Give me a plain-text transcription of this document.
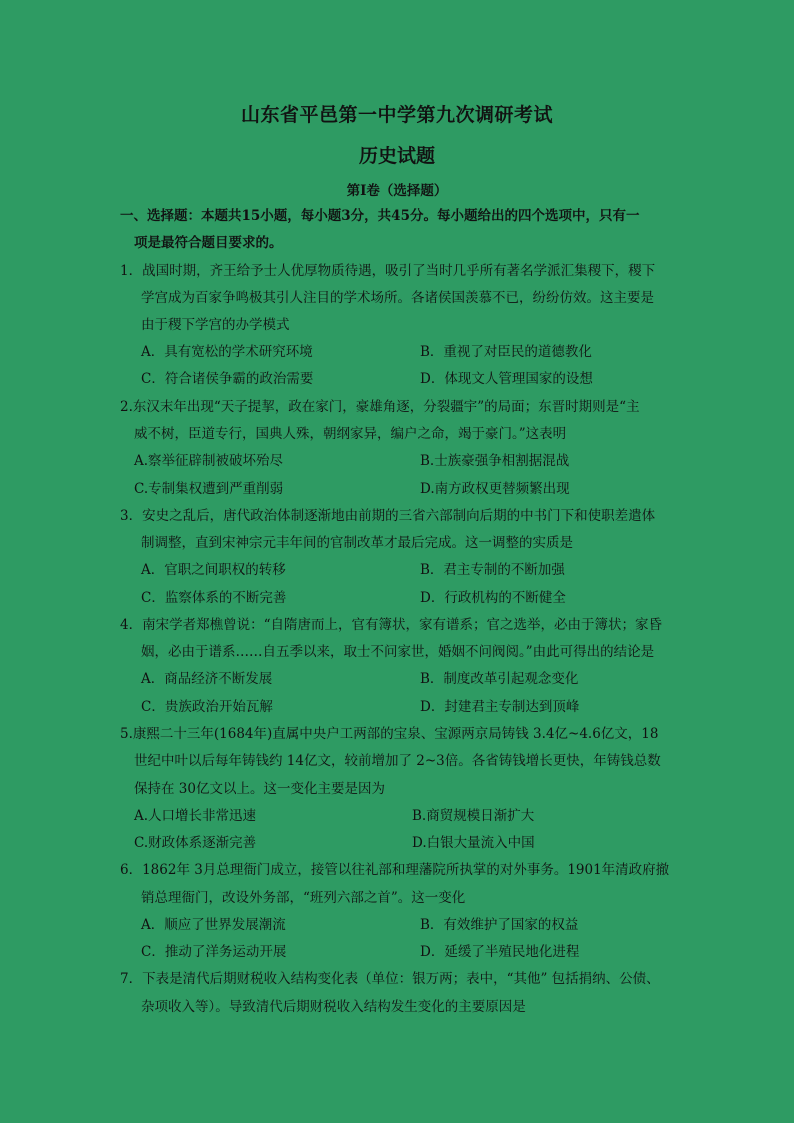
山东省平邑第一中学第九次调研考试
历史试题
第Ⅰ卷（选择题）
一、选择题：本题共15小题，每小题3分，共45分。每小题给出的四个选项中，只有一
项是最符合题目要求的。
1．战国时期，齐王给予士人优厚物质待遇，吸引了当时几乎所有著名学派汇集稷下，稷下
学宫成为百家争鸣极其引人注目的学术场所。各诸侯国羡慕不已，纷纷仿效。这主要是
由于稷下学宫的办学模式
A．具有宽松的学术研究环境	B．重视了对臣民的道德教化
C．符合诸侯争霸的政治需要	D．体现文人管理国家的设想
2.东汉末年出现“天子提挈，政在家门，豪雄角逐，分裂疆宇”的局面；东晋时期则是“主
威不树，臣道专行，国典人殊，朝纲家异，编户之命，竭于豪门。”这表明
A.察举征辟制被破坏殆尽	B.士族豪强争相割据混战
C.专制集权遭到严重削弱	D.南方政权更替频繁出现
3．安史之乱后，唐代政治体制逐渐地由前期的三省六部制向后期的中书门下和使职差遣体
制调整，直到宋神宗元丰年间的官制改革才最后完成。这一调整的实质是
A．官职之间职权的转移	B．君主专制的不断加强
C．监察体系的不断完善	D．行政机构的不断健全
4．南宋学者郑樵曾说：“自隋唐而上，官有簿状，家有谱系；官之选举，必由于簿状；家昏
姻，必由于谱系……自五季以来，取士不问家世，婚姻不问阀阅。”由此可得出的结论是
A．商品经济不断发展	B．制度改革引起观念变化
C．贵族政治开始瓦解	D．封建君主专制达到顶峰
5.康熙二十三年(1684年)直属中央户工两部的宝泉、宝源两京局铸钱 3.4亿~4.6亿文，18
世纪中叶以后每年铸钱约 14亿文，较前增加了 2~3倍。各省铸钱增长更快，年铸钱总数
保持在 30亿文以上。这一变化主要是因为
A.人口增长非常迅速	B.商贸规模日渐扩大
C.财政体系逐渐完善	D.白银大量流入中国
6．1862年 3月总理衙门成立，接管以往礼部和理藩院所执掌的对外事务。1901年清政府撤
销总理衙门，改设外务部，“班列六部之首”。这一变化
A．顺应了世界发展潮流	B．有效维护了国家的权益
C．推动了洋务运动开展	D．延缓了半殖民地化进程
7．下表是清代后期财税收入结构变化表（单位：银万两；表中，“其他” 包括捐纳、公债、
杂项收入等）。导致清代后期财税收入结构发生变化的主要原因是
